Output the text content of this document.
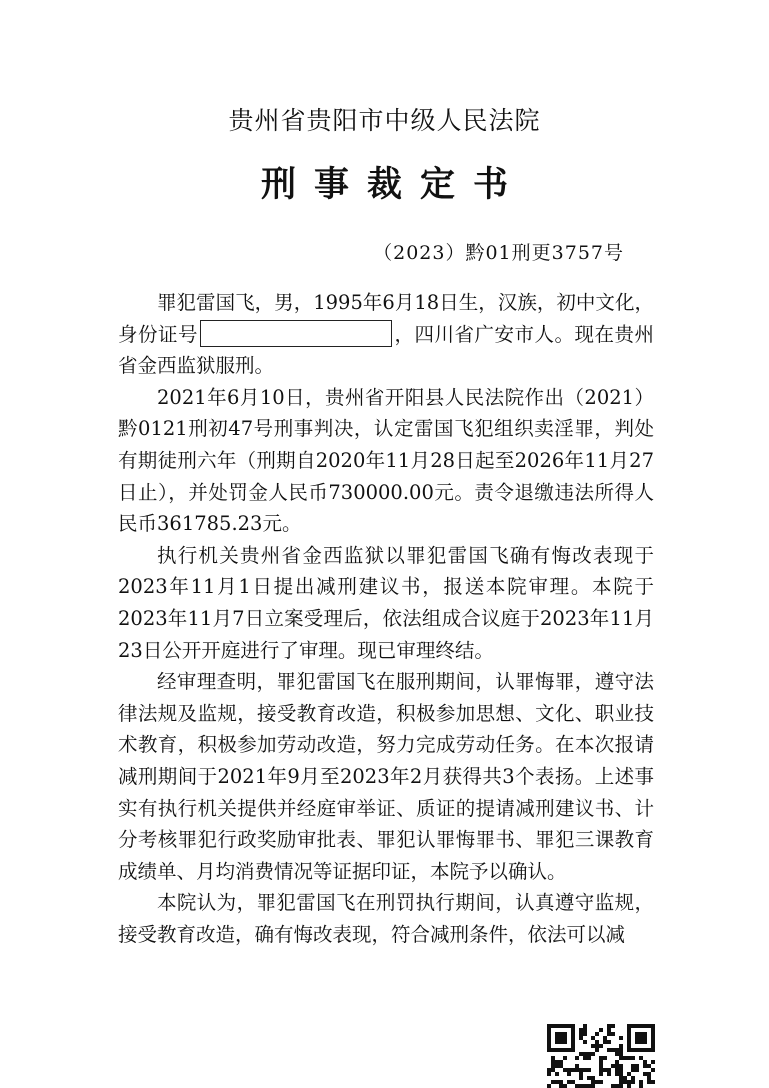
贵州省贵阳市中级人民法院
刑事裁定书
（2023）黔01刑更3757号

罪犯雷国飞，男，1995年6月18日生，汉族，初中文化，身份证号	，四川省广安市人。现在贵州省金西监狱服刑。

2021年6月10日，贵州省开阳县人民法院作出（2021）黔0121刑初47号刑事判决，认定雷国飞犯组织卖淫罪，判处有期徒刑六年（刑期自2020年11月28日起至2026年11月27日止），并处罚金人民币730000.00元。责令退缴违法所得人民币361785.23元。

执行机关贵州省金西监狱以罪犯雷国飞确有悔改表现于2023年11月1日提出减刑建议书，报送本院审理。本院于2023年11月7日立案受理后，依法组成合议庭于2023年11月23日公开开庭进行了审理。现已审理终结。

经审理查明，罪犯雷国飞在服刑期间，认罪悔罪，遵守法律法规及监规，接受教育改造，积极参加思想、文化、职业技术教育，积极参加劳动改造，努力完成劳动任务。在本次报请减刑期间于2021年9月至2023年2月获得共3个表扬。上述事实有执行机关提供并经庭审举证、质证的提请减刑建议书、计分考核罪犯行政奖励审批表、罪犯认罪悔罪书、罪犯三课教育成绩单、月均消费情况等证据印证，本院予以确认。

本院认为，罪犯雷国飞在刑罚执行期间，认真遵守监规，接受教育改造，确有悔改表现，符合减刑条件，依法可以减
